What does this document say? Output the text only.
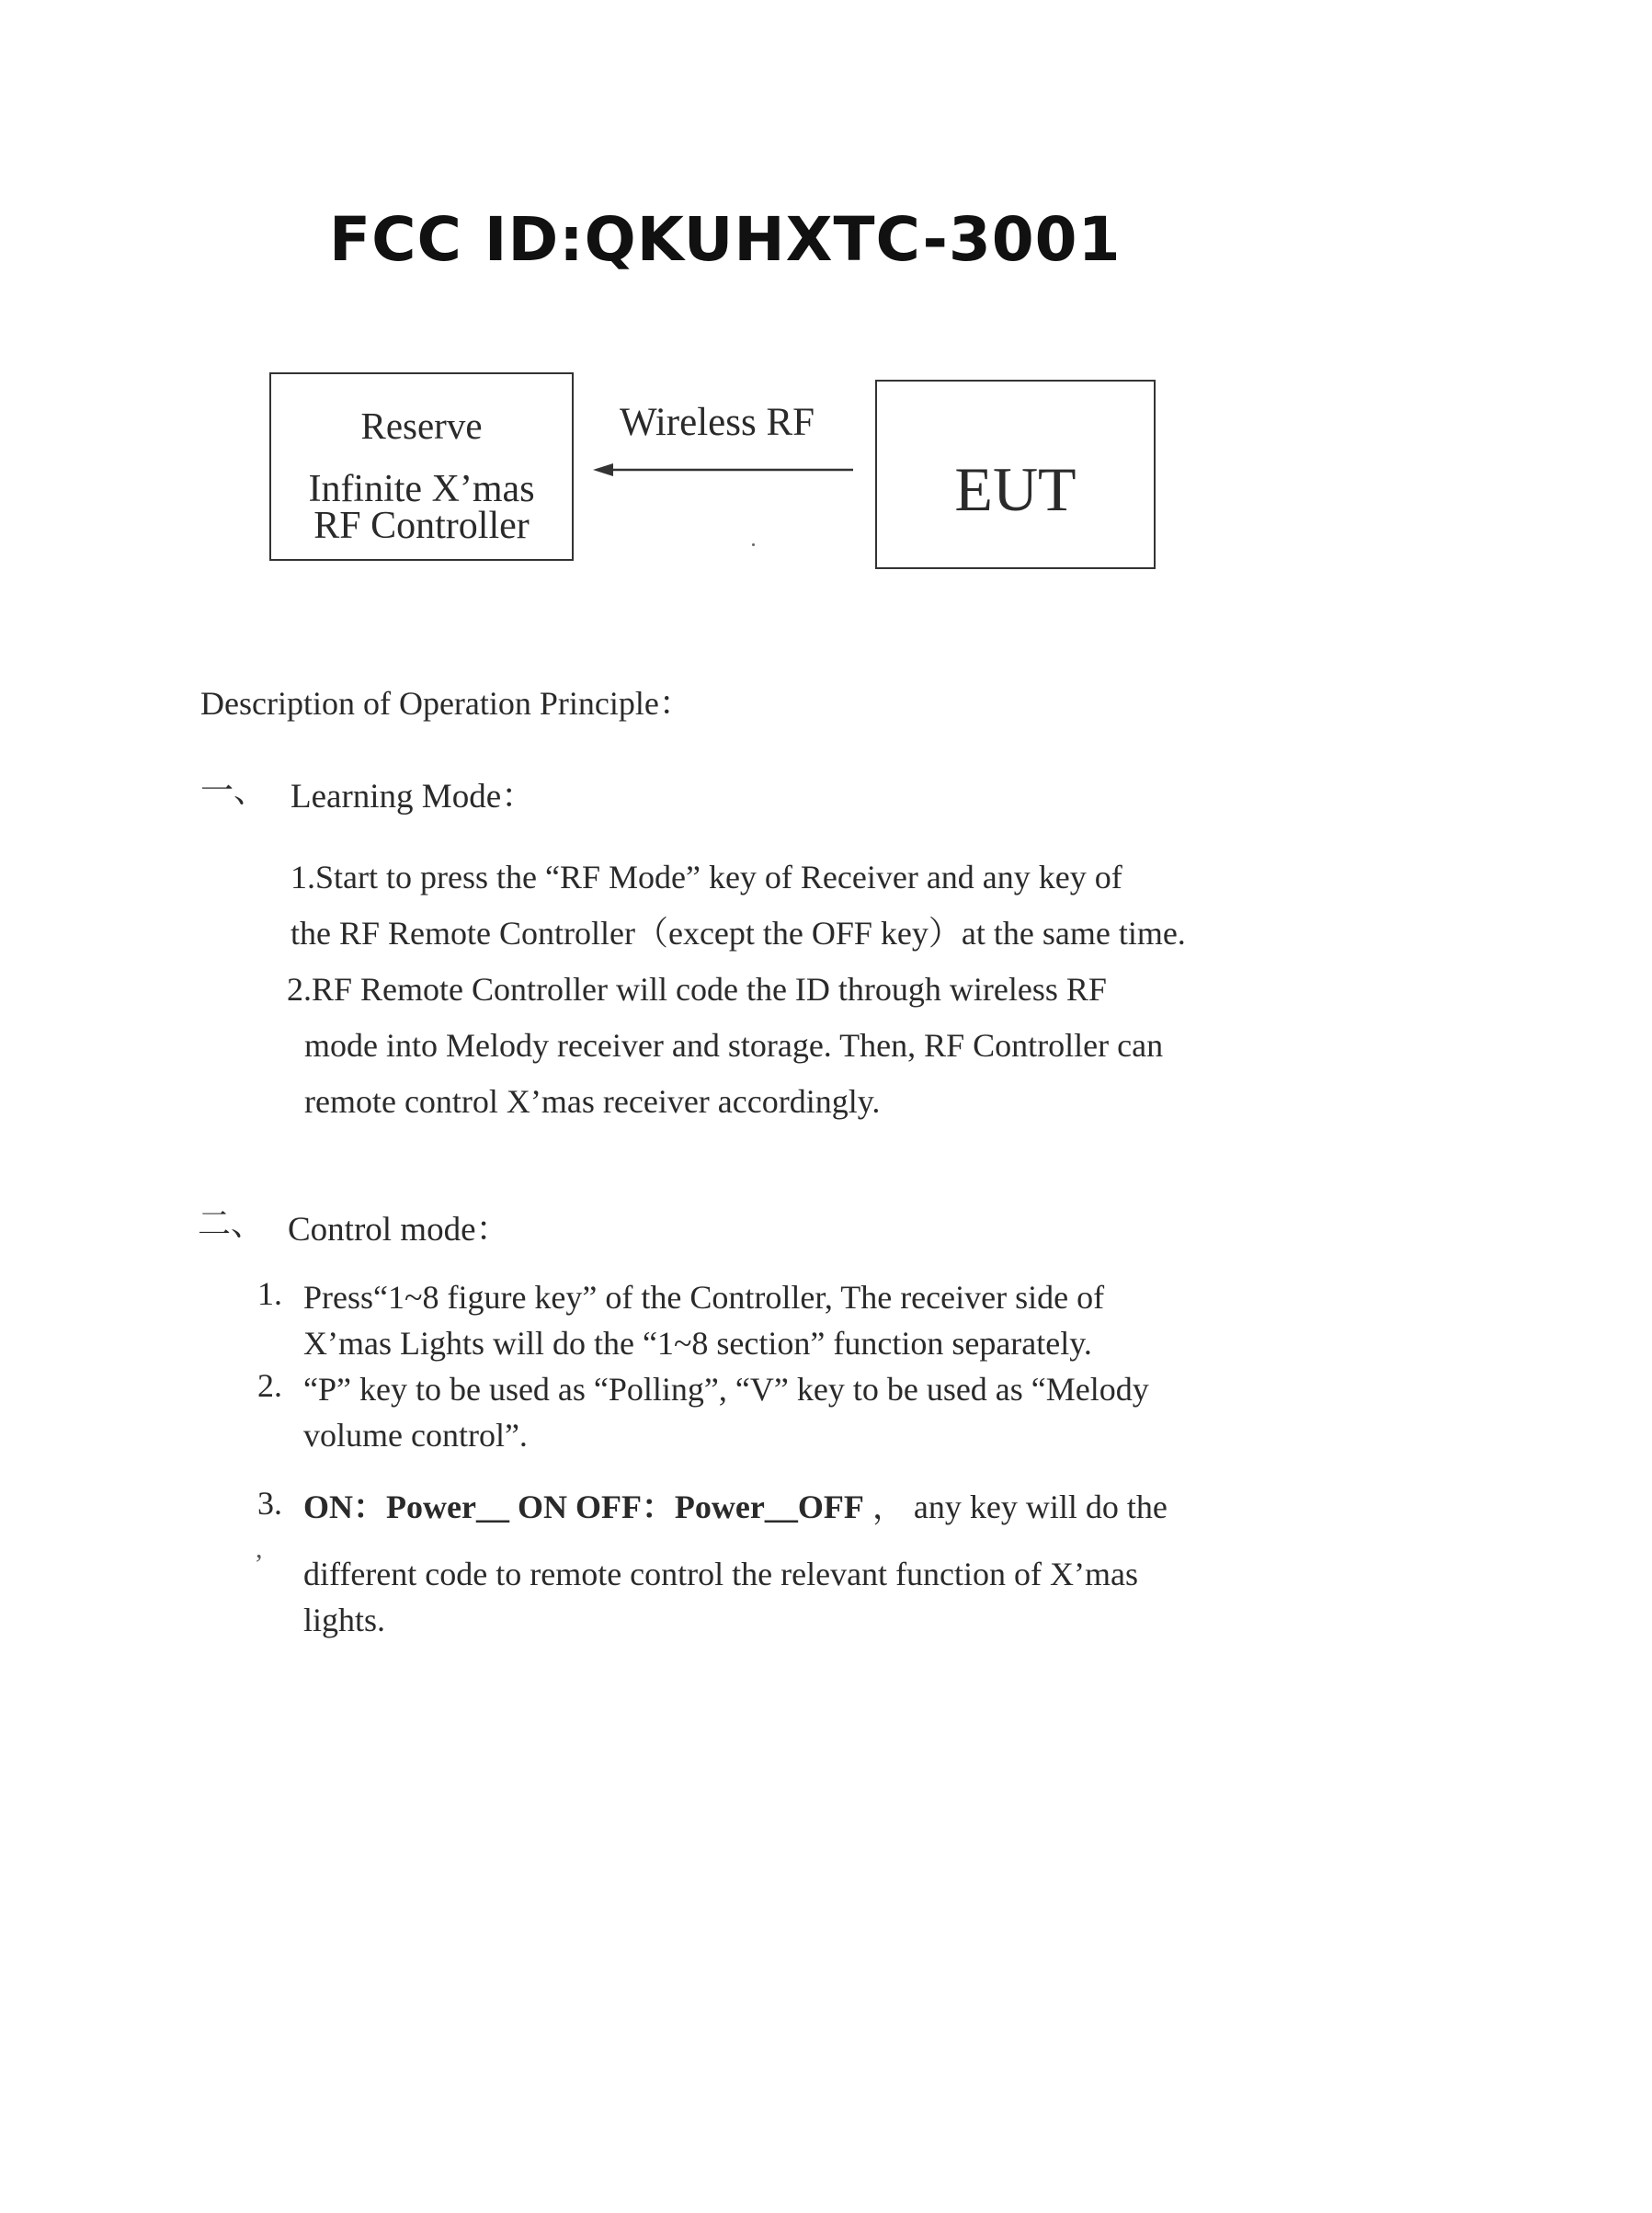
FCC ID:QKUHXTC-3001
Reserve
Infinite X’mas
RF Controller
Wireless RF
EUT
Description of Operation Principle：
一、 Learning Mode：
1.Start to press the “RF Mode” key of Receiver and any key of
the RF Remote Controller（except the OFF key）at the same time.
2.RF Remote Controller will code the ID through wireless RF
mode into Melody receiver and storage. Then, RF Controller can
remote control X’mas receiver accordingly.
二、 Control mode：
1. Press“1~8 figure key” of the Controller, The receiver side of
X’mas Lights will do the “1~8 section” function separately.
2. “P” key to be used as “Polling”, “V” key to be used as “Melody
volume control”.
3. ON：Power__ ON OFF：Power__OFF ， any key will do the
,
different code to remote control the relevant function of X’mas
lights.
